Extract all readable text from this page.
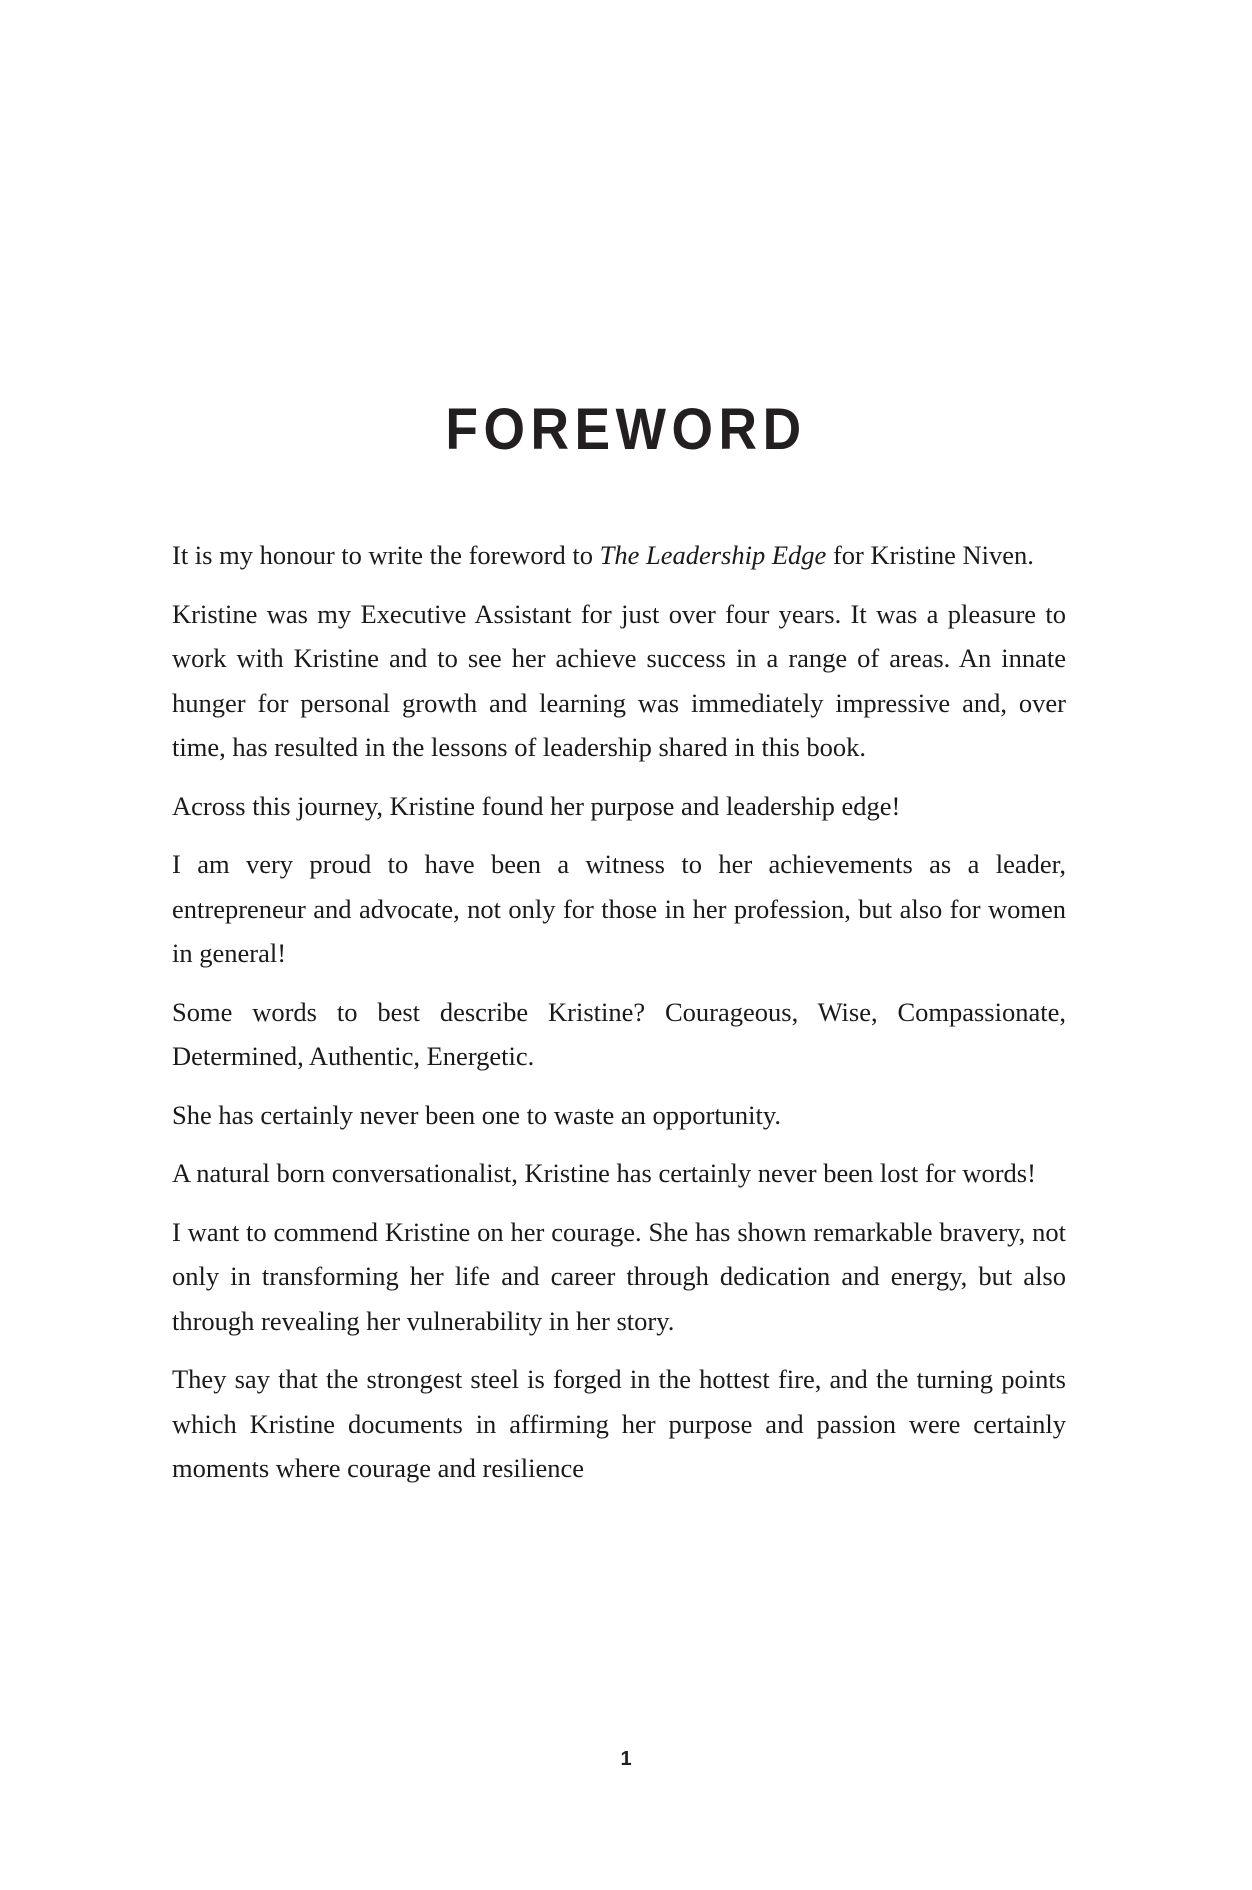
FOREWORD

It is my honour to write the foreword to The Leadership Edge for Kristine Niven.

Kristine was my Executive Assistant for just over four years. It was a pleasure to work with Kristine and to see her achieve success in a range of areas. An innate hunger for personal growth and learning was immediately impressive and, over time, has resulted in the lessons of leadership shared in this book.

Across this journey, Kristine found her purpose and leadership edge!

I am very proud to have been a witness to her achievements as a leader, entrepreneur and advocate, not only for those in her profession, but also for women in general!

Some words to best describe Kristine? Courageous, Wise, Compassionate, Determined, Authentic, Energetic.

She has certainly never been one to waste an opportunity.

A natural born conversationalist, Kristine has certainly never been lost for words!

I want to commend Kristine on her courage. She has shown remarkable bravery, not only in transforming her life and career through dedication and energy, but also through revealing her vulnerability in her story.

They say that the strongest steel is forged in the hottest fire, and the turning points which Kristine documents in affirming her purpose and passion were certainly moments where courage and resilience

1
